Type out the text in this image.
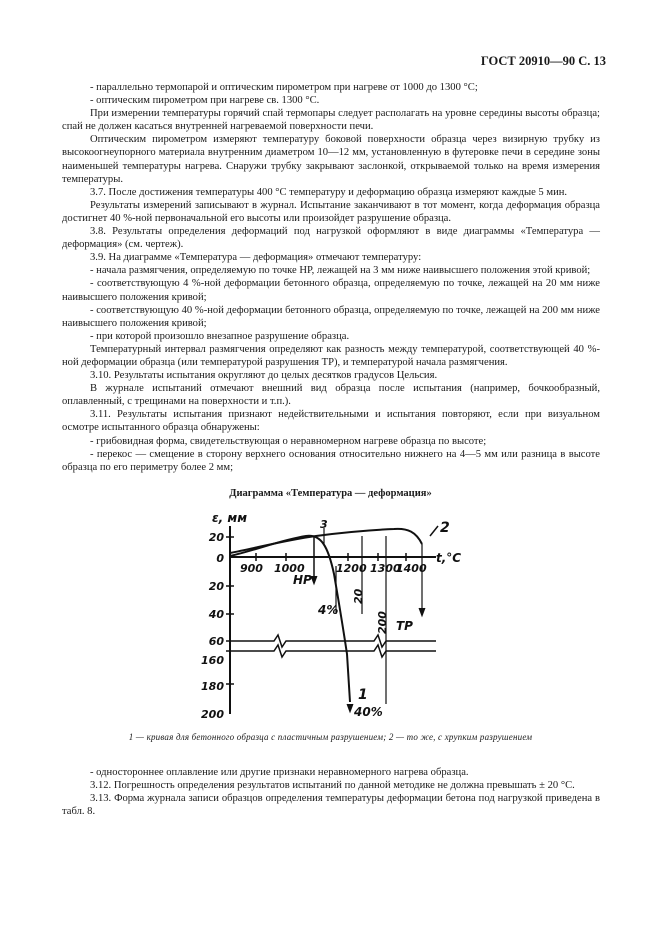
ГОСТ 20910—90 С. 13

- параллельно термопарой и оптическим пирометром при нагреве от 1000 до 1300 °С;

- оптическим пирометром при нагреве св. 1300 °С.

При измерении температуры горячий спай термопары следует располагать на уровне середины высоты образца; спай не должен касаться внутренней нагреваемой поверхности печи.

Оптическим пирометром измеряют температуру боковой поверхности образца через визирную трубку из высокоогнеупорного материала внутренним диаметром 10—12 мм, установленную в футеровке печи в середине зоны наименьшей температуры нагрева. Снаружи трубку закрывают заслонкой, открываемой только на время измерения температуры.

3.7. После достижения температуры 400 °С температуру и деформацию образца измеряют каждые 5 мин.

Результаты измерений записывают в журнал. Испытание заканчивают в тот момент, когда деформация образца достигнет 40 %-ной первоначальной его высоты или произойдет разрушение образца.

3.8. Результаты определения деформаций под нагрузкой оформляют в виде диаграммы «Температура — деформация» (см. чертеж).

3.9. На диаграмме «Температура — деформация» отмечают температуру:

- начала размягчения, определяемую по точке НР, лежащей на 3 мм ниже наивысшего положения этой кривой;

- соответствующую 4 %-ной деформации бетонного образца, определяемую по точке, лежащей на 20 мм ниже наивысшего положения кривой;

- соответствующую 40 %-ной деформации бетонного образца, определяемую по точке, лежащей на 200 мм ниже наивысшего положения кривой;

- при которой произошло внезапное разрушение образца.

Температурный интервал размягчения определяют как разность между температурой, соответствующей 40 %-ной деформации образца (или температурой разрушения ТР), и температурой начала размягчения.

3.10. Результаты испытания округляют до целых десятков градусов Цельсия.

В журнале испытаний отмечают внешний вид образца после испытания (например, бочкообразный, оплавленный, с трещинами на поверхности и т.п.).

3.11. Результаты испытания признают недействительными и испытания повторяют, если при визуальном осмотре испытанного образца обнаружены:

- грибовидная форма, свидетельствующая о неравномерном нагреве образца по высоте;

- перекос — смещение в сторону верхнего основания относительно нижнего на 4—5 мм или разница в высоте образца по его периметру более 2 мм;

Диаграмма «Температура — деформация»
ε, мм
t,°C
20
0
20
40
60
160
180
200
900 1000	1200 1300
1400
НР
3
4%
20
200 ТР
40%
1
2
1 — кривая для бетонного образца с пластичным разрушением; 2 — то же, с хрупким разрушением

- одностороннее оплавление или другие признаки неравномерного нагрева образца.

3.12. Погрешность определения результатов испытаний по данной методике не должна превышать ± 20 °С.

3.13. Форма журнала записи образцов определения температуры деформации бетона под нагрузкой приведена в табл. 8.
